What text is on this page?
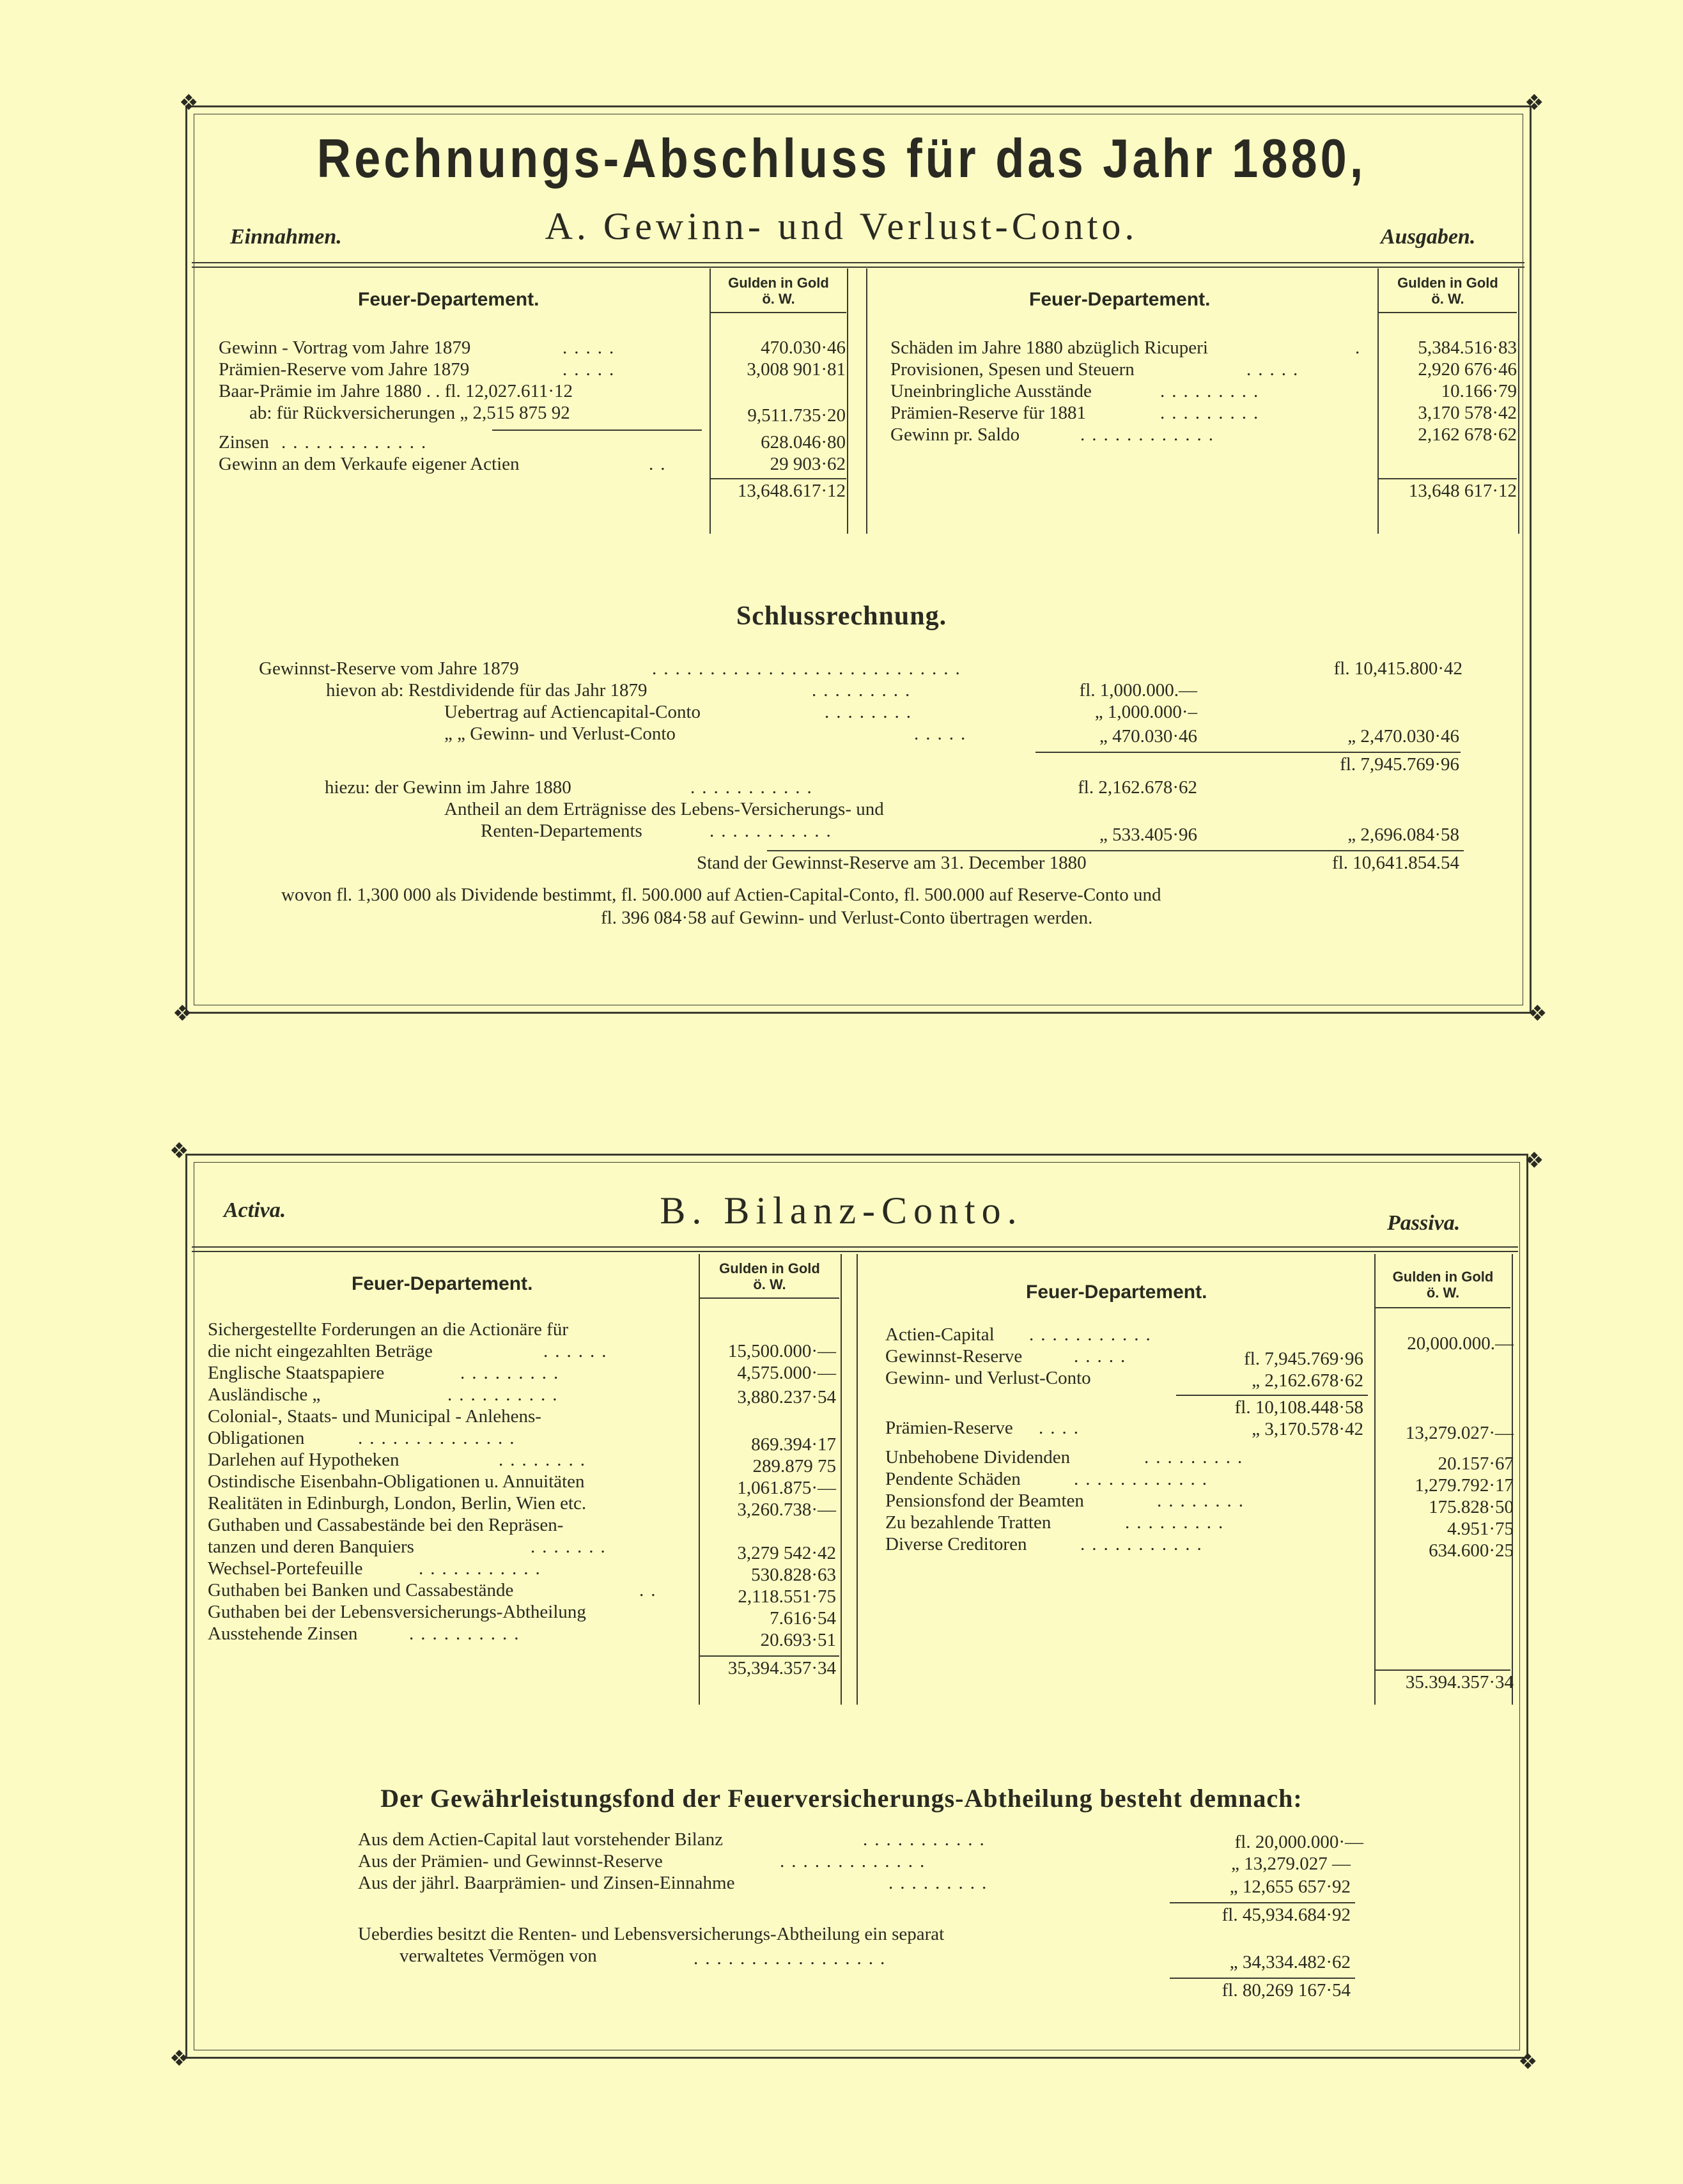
❖	❖
❖	❖
Rechnungs-Abschluss für das Jahr 1880,
Einnahmen.	A. Gewinn- und Verlust-Conto.	Ausgaben.
Feuer-Departement.
Gulden in Gold
ö. W.	Feuer-Departement.
Gulden in Gold
ö. W.
Gewinn - Vortrag vom Jahre 1879	.....	470.030·46
Prämien-Reserve vom Jahre 1879	.....	3,008 901·81
Baar-Prämie im Jahre 1880 . . fl. 12,027.611·12
ab: für Rückversicherungen „ 2,515 875 92	9,511.735·20
Zinsen .............	628.046·80
Gewinn an dem Verkaufe eigener Actien	..	29 903·62
13,648.617·12
Schäden im Jahre 1880 abzüglich Ricuperi	.	5,384.516·83
Provisionen, Spesen und Steuern	.....	2,920 676·46
Uneinbringliche Ausstände	.........	10.166·79
Prämien-Reserve für 1881	.........	3,170 578·42
Gewinn pr. Saldo	............	2,162 678·62
13,648 617·12
Schlussrechnung.
Gewinnst-Reserve vom Jahre 1879	...........................	fl. 10,415.800·42
hievon ab: Restdividende für das Jahr 1879	.........	fl. 1,000.000.—
Uebertrag auf Actiencapital-Conto	........	„ 1,000.000·–
„ „ Gewinn- und Verlust-Conto	.....	„ 470.030·46	„ 2,470.030·46
fl. 7,945.769·96
hiezu: der Gewinn im Jahre 1880	...........	fl. 2,162.678·62
Antheil an dem Erträgnisse des Lebens-Versicherungs- und
Renten-Departements	...........	„ 533.405·96	„ 2,696.084·58
Stand der Gewinnst-Reserve am 31. December 1880	fl. 10,641.854.54
wovon fl. 1,300 000 als Dividende bestimmt, fl. 500.000 auf Actien-Capital-Conto, fl. 500.000 auf Reserve-Conto und
fl. 396 084·58 auf Gewinn- und Verlust-Conto übertragen werden.
❖	❖
❖	❖
Activa.	B. Bilanz-Conto.	Passiva.
Feuer-Departement.
Gulden in Gold
ö. W.	Feuer-Departement.
Gulden in Gold
ö. W.
Sichergestellte Forderungen an die Actionäre für
die nicht eingezahlten Beträge	......	15,500.000·—
Englische Staatspapiere	.........	4,575.000·—
Ausländische „	..........	3,880.237·54
Colonial-, Staats- und Municipal - Anlehens-
Obligationen	..............	869.394·17
Darlehen auf Hypotheken	........	289.879 75
Ostindische Eisenbahn-Obligationen u. Annuitäten	1,061.875·—
Realitäten in Edinburgh, London, Berlin, Wien etc.	3,260.738·—
Guthaben und Cassabestände bei den Repräsen-
tanzen und deren Banquiers	.......	3,279 542·42
Wechsel-Portefeuille	...........	530.828·63
Guthaben bei Banken und Cassabestände	..	2,118.551·75
Guthaben bei der Lebensversicherungs-Abtheilung	7.616·54
Ausstehende Zinsen	..........	20.693·51
35,394.357·34
Actien-Capital ...........	20,000.000.—
Gewinnst-Reserve	.....	fl. 7,945.769·96
Gewinn- und Verlust-Conto	„ 2,162.678·62
fl. 10,108.448·58
Prämien-Reserve ....	„ 3,170.578·42 13,279.027·—
Unbehobene Dividenden	.........	20.157·67
Pendente Schäden	............	1,279.792·17
Pensionsfond der Beamten	........	175.828·50
Zu bezahlende Tratten	.........	4.951·75
Diverse Creditoren	...........	634.600·25
35.394.357·34
Der Gewährleistungsfond der Feuerversicherungs-Abtheilung besteht demnach:
Aus dem Actien-Capital laut vorstehender Bilanz	...........	fl. 20,000.000·—
Aus der Prämien- und Gewinnst-Reserve	.............	„ 13,279.027 —
Aus der jährl. Baarprämien- und Zinsen-Einnahme	.........	„ 12,655 657·92
fl. 45,934.684·92
Ueberdies besitzt die Renten- und Lebensversicherungs-Abtheilung ein separat
verwaltetes Vermögen von	.................	„ 34,334.482·62
fl. 80,269 167·54
